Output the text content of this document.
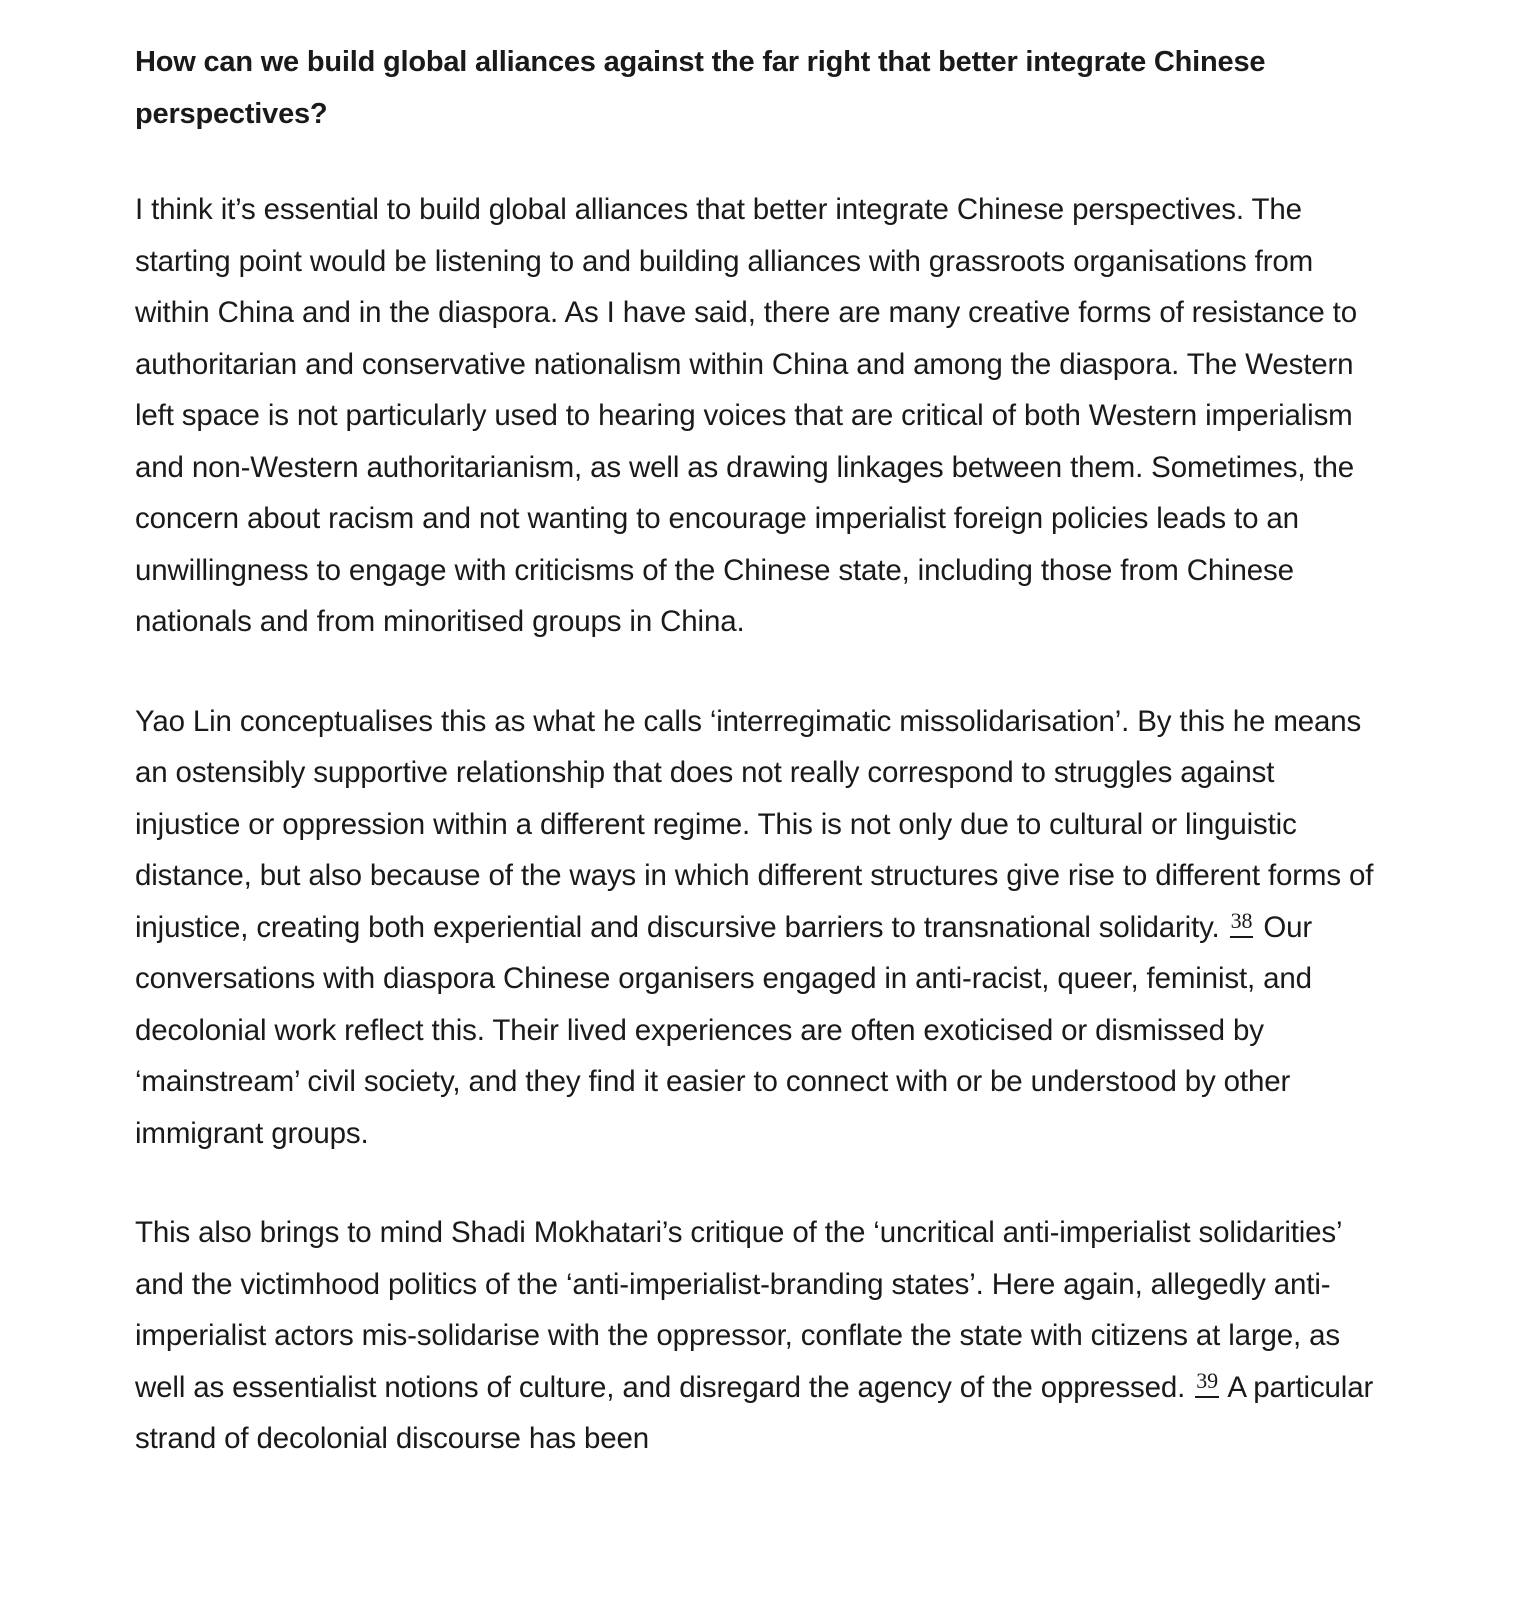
How can we build global alliances against the far right that better integrate Chinese perspectives?

I think it’s essential to build global alliances that better integrate Chinese perspectives. The starting point would be listening to and building alliances with grassroots organisations from within China and in the diaspora. As I have said, there are many creative forms of resistance to authoritarian and conservative nationalism within China and among the diaspora. The Western left space is not particularly used to hearing voices that are critical of both Western imperialism and non-Western authoritarianism, as well as drawing linkages between them. Sometimes, the concern about racism and not wanting to encourage imperialist foreign policies leads to an unwillingness to engage with criticisms of the Chinese state, including those from Chinese nationals and from minoritised groups in China.

Yao Lin conceptualises this as what he calls ‘interregimatic missolidarisation’. By this he means an ostensibly supportive relationship that does not really correspond to struggles against injustice or oppression within a different regime. This is not only due to cultural or linguistic distance, but also because of the ways in which different structures give rise to different forms of injustice, creating both experiential and discursive barriers to transnational solidarity. $^{38}$ Our conversations with diaspora Chinese organisers engaged in anti-racist, queer, feminist, and decolonial work reflect this. Their lived experiences are often exoticised or dismissed by ‘mainstream’ civil society, and they find it easier to connect with or be understood by other immigrant groups.

This also brings to mind Shadi Mokhatari’s critique of the ‘uncritical anti-imperialist solidarities’ and the victimhood politics of the ‘anti-imperialist-branding states’. Here again, allegedly anti-imperialist actors mis-solidarise with the oppressor, conflate the state with citizens at large, as well as essentialist notions of culture, and disregard the agency of the oppressed. $^{39}$ A particular strand of decolonial discourse has been
